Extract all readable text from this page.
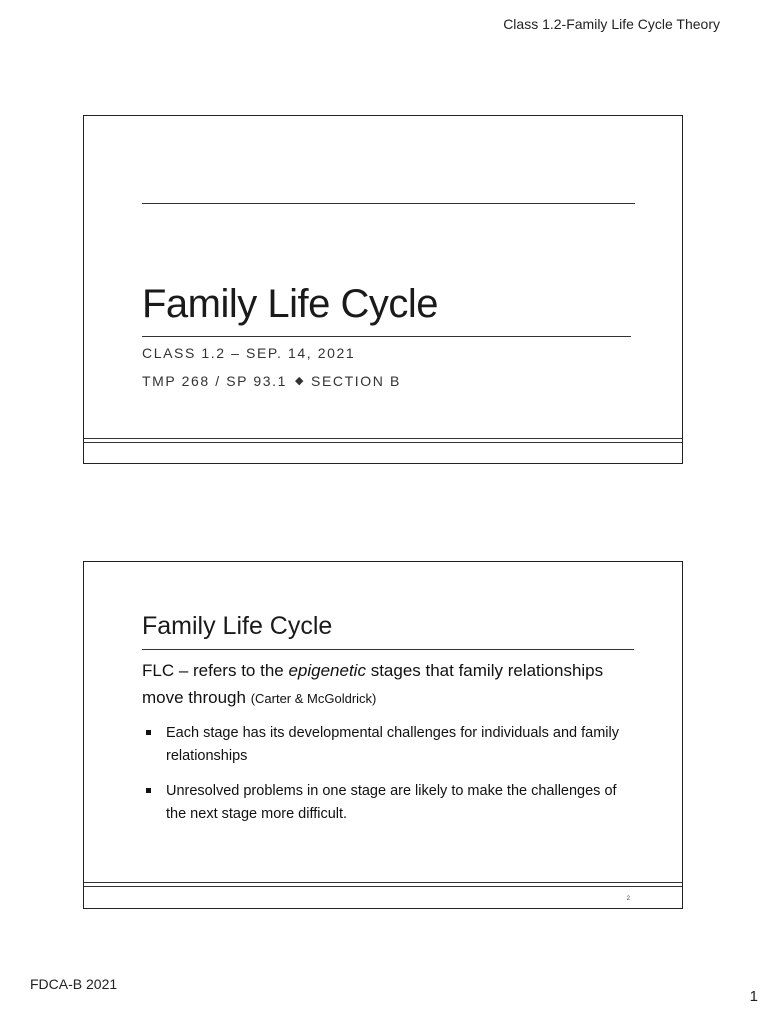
Class 1.2-Family Life Cycle Theory
Family Life Cycle
CLASS 1.2 – SEP. 14, 2021
TMP 268 / SP 93.1 ◆ SECTION B
Family Life Cycle
FLC – refers to the epigenetic stages that family relationships move through (Carter & McGoldrick)
Each stage has its developmental challenges for individuals and family relationships
Unresolved problems in one stage are likely to make the challenges of the next stage more difficult.
2
FDCA-B 2021
1
